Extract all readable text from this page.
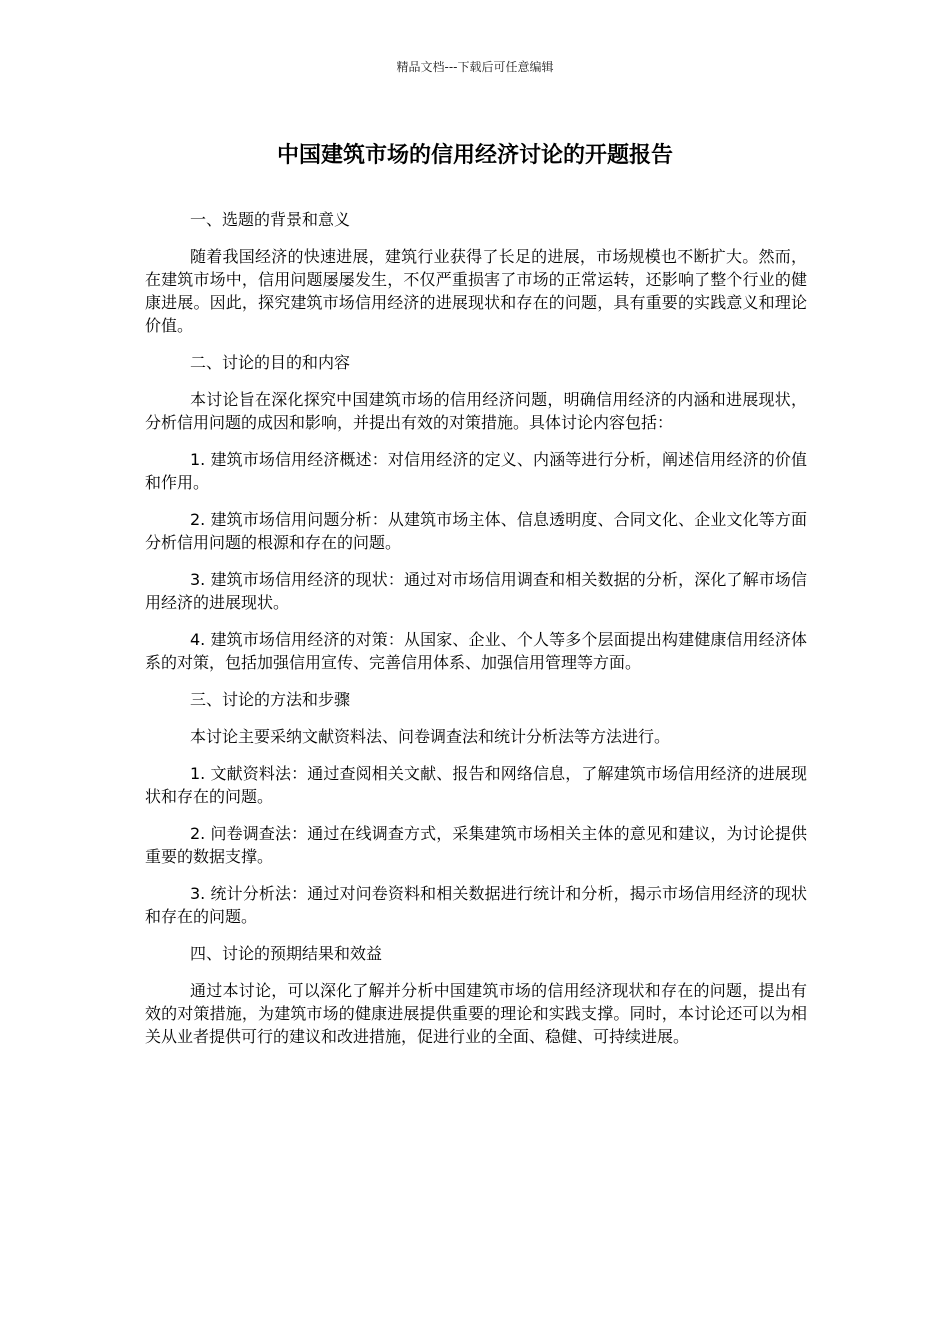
精品文档---下载后可任意编辑
中国建筑市场的信用经济讨论的开题报告

一、选题的背景和意义

随着我国经济的快速进展，建筑行业获得了长足的进展，市场规模也不断扩大。然而，在建筑市场中，信用问题屡屡发生，不仅严重损害了市场的正常运转，还影响了整个行业的健康进展。因此，探究建筑市场信用经济的进展现状和存在的问题，具有重要的实践意义和理论价值。

二、讨论的目的和内容

本讨论旨在深化探究中国建筑市场的信用经济问题，明确信用经济的内涵和进展现状，分析信用问题的成因和影响，并提出有效的对策措施。具体讨论内容包括：

1. 建筑市场信用经济概述：对信用经济的定义、内涵等进行分析，阐述信用经济的价值和作用。

2. 建筑市场信用问题分析：从建筑市场主体、信息透明度、合同文化、企业文化等方面分析信用问题的根源和存在的问题。

3. 建筑市场信用经济的现状：通过对市场信用调查和相关数据的分析，深化了解市场信用经济的进展现状。

4. 建筑市场信用经济的对策：从国家、企业、个人等多个层面提出构建健康信用经济体系的对策，包括加强信用宣传、完善信用体系、加强信用管理等方面。

三、讨论的方法和步骤

本讨论主要采纳文献资料法、问卷调查法和统计分析法等方法进行。

1. 文献资料法：通过查阅相关文献、报告和网络信息，了解建筑市场信用经济的进展现状和存在的问题。

2. 问卷调查法：通过在线调查方式，采集建筑市场相关主体的意见和建议，为讨论提供重要的数据支撑。

3. 统计分析法：通过对问卷资料和相关数据进行统计和分析，揭示市场信用经济的现状和存在的问题。

四、讨论的预期结果和效益

通过本讨论，可以深化了解并分析中国建筑市场的信用经济现状和存在的问题，提出有效的对策措施，为建筑市场的健康进展提供重要的理论和实践支撑。同时，本讨论还可以为相关从业者提供可行的建议和改进措施，促进行业的全面、稳健、可持续进展。
